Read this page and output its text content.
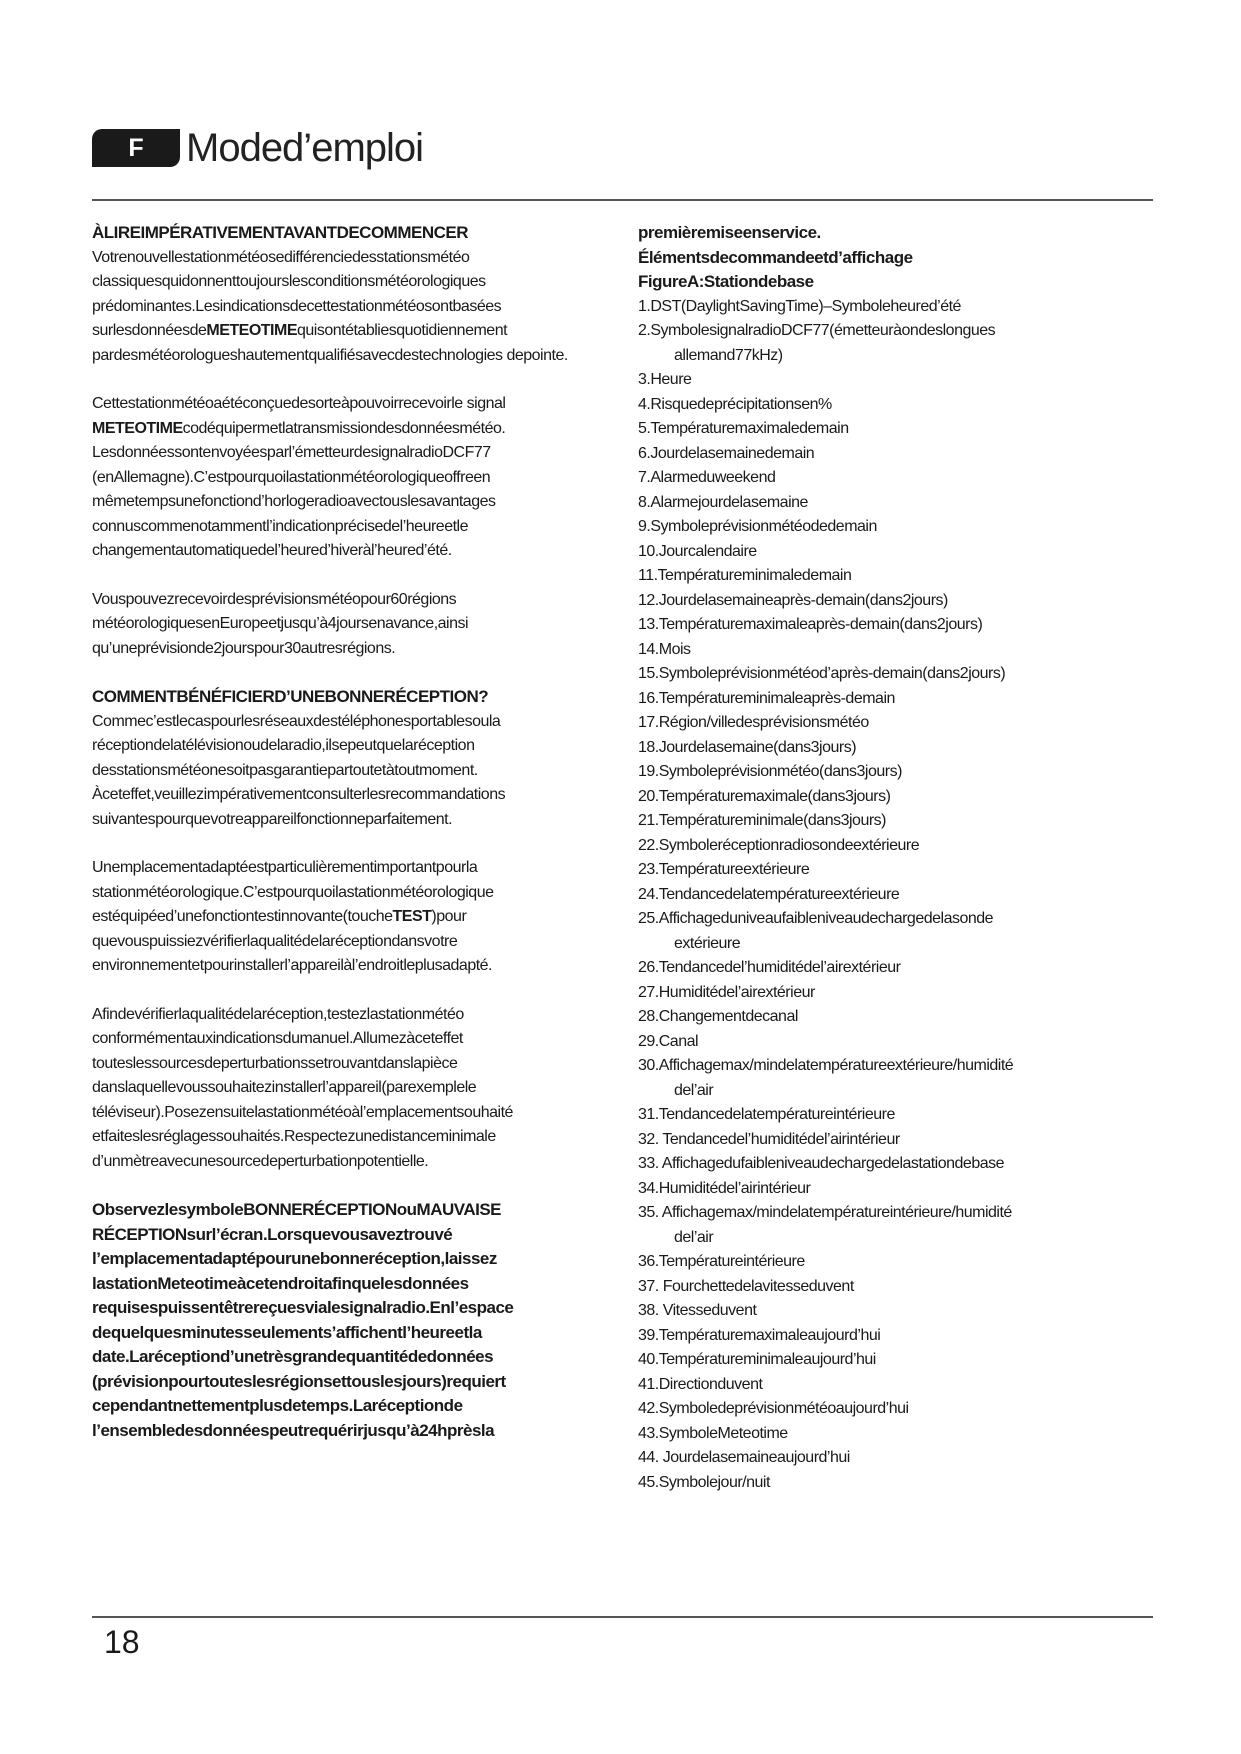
F	Moded’emploi

ÀLIREIMPÉRATIVEMENTAVANTDECOMMENCER

Votrenouvellestationmétéosedifférenciedesstationsmétéo classiquesquidonnenttoujourslesconditionsmétéorologiques prédominantes.Lesindicationsdecettestationmétéosontbasées surlesdonnéesdeMETEOTIMEquisontétabliesquotidiennement pardesmétéorologueshautementqualifiésavecdestechnologies depointe.

Cettestationmétéoaétéconçuedesorteàpouvoirrecevoirle signal METEOTIMEcodéquipermetlatransmissiondesdonnéesmétéo. Lesdonnéessontenvoyéesparl’émetteurdesignalradioDCF77 (enAllemagne).C’estpourquoilastationmétéorologiqueoffreen mêmetempsunefonctiond’horlogeradioavectouslesavantages connuscommenotammentl’indicationprécisedel’heureetle changementautomatiquedel’heured’hiveràl’heured’été.

Vouspouvezrecevoirdesprévisionsmétéopour60régions météorologiquesenEuropeetjusqu’à4joursenavance,ainsi qu’uneprévisionde2jourspour30autresrégions.

COMMENTBÉNÉFICIERD’UNEBONNERÉCEPTION?

Commec’estlecaspourlesréseauxdestéléphonesportablesoula réceptiondelatélévisionoudelaradio,ilsepeutquelaréception desstationsmétéonesoitpasgarantiepartoutetàtoutmoment. Àceteffet,veuillezimpérativementconsulterlesrecommandations suivantespourquevotreappareilfonctionneparfaitement.

Unemplacementadaptéestparticulièrementimportantpourla stationmétéorologique.C’estpourquoilastationmétéorologique estéquipéed’unefonctiontestinnovante(toucheTEST)pour quevouspuissiezvérifierlaqualitédelaréceptiondansvotre environnementetpourinstallerl’appareilàl’endroitleplusadapté.

Afindevérifierlaqualitédelaréception,testezlastationmétéo conformémentauxindicationsdumanuel.Allumezàceteffet touteslessourcesdeperturbationssetrouvantdanslapièce danslaquellevoussouhaitezinstallerl’appareil(parexemplele téléviseur).Posezensuitelastationmétéoàl’emplacementsouhaité etfaiteslesréglagessouhaités.Respectezunedistanceminimale d’unmètreavecunesourcedeperturbationpotentielle.

ObservezlesymboleBONNERÉCEPTIONouMAUVAISE RÉCEPTIONsurl’écran.Lorsquevousaveztrouvé l’emplacementadaptépourunebonneréception,laissez lastationMeteotimeàcetendroitafinquelesdonnées requisespuissentêtrereçuesvialesignalradio.Enl’espace dequelquesminutesseulements’affichentl’heureetla date.Laréceptiond’unetrèsgrandequantitédedonnées (prévisionpourtouteslesrégionsettouslesjours)requiert cependantnettementplusdetemps.Laréceptionde l’ensembledesdonnéespeutrequérirjusqu’à24hprèsla

premièremiseenservice.

Élémentsdecommandeetd’affichage

FigureA:Stationdebase

1.DST(DaylightSavingTime)–Symboleheured’été
2.SymbolesignalradioDCF77(émetteuràondeslongues
allemand77kHz)
3.Heure
4.Risquedeprécipitationsen%
5.Températuremaximaledemain
6.Jourdelasemainedemain
7.Alarmeduweekend
8.Alarmejourdelasemaine
9.Symboleprévisionmétéodedemain
10.Jourcalendaire
11.Températureminimaledemain
12.Jourdelasemaineaprès-demain(dans2jours)
13.Températuremaximaleaprès-demain(dans2jours)
14.Mois
15.Symboleprévisionmétéod’après-demain(dans2jours)
16.Températureminimaleaprès-demain
17.Région/villedesprévisionsmétéo
18.Jourdelasemaine(dans3jours)
19.Symboleprévisionmétéo(dans3jours)
20.Températuremaximale(dans3jours)
21.Températureminimale(dans3jours)
22.Symboleréceptionradiosondeextérieure
23.Températureextérieure
24.Tendancedelatempératureextérieure
25.Affichageduniveaufaibleniveaudechargedelasonde
extérieure
26.Tendancedel’humiditédel’airextérieur
27.Humiditédel’airextérieur
28.Changementdecanal
29.Canal
30.Affichagemax/mindelatempératureextérieure/humidité
del’air
31.Tendancedelatempératureintérieure
32. Tendancedel’humiditédel’airintérieur
33. Affichagedufaibleniveaudechargedelastationdebase
34.Humiditédel’airintérieur
35. Affichagemax/mindelatempératureintérieure/humidité
del’air
36.Températureintérieure
37. Fourchettedelavitesseduvent
38. Vitesseduvent
39.Températuremaximaleaujourd’hui
40.Températureminimaleaujourd’hui
41.Directionduvent
42.Symboledeprévisionmétéoaujourd’hui
43.SymboleMeteotime
44. Jourdelasemaineaujourd’hui
45.Symbolejour/nuit
18
